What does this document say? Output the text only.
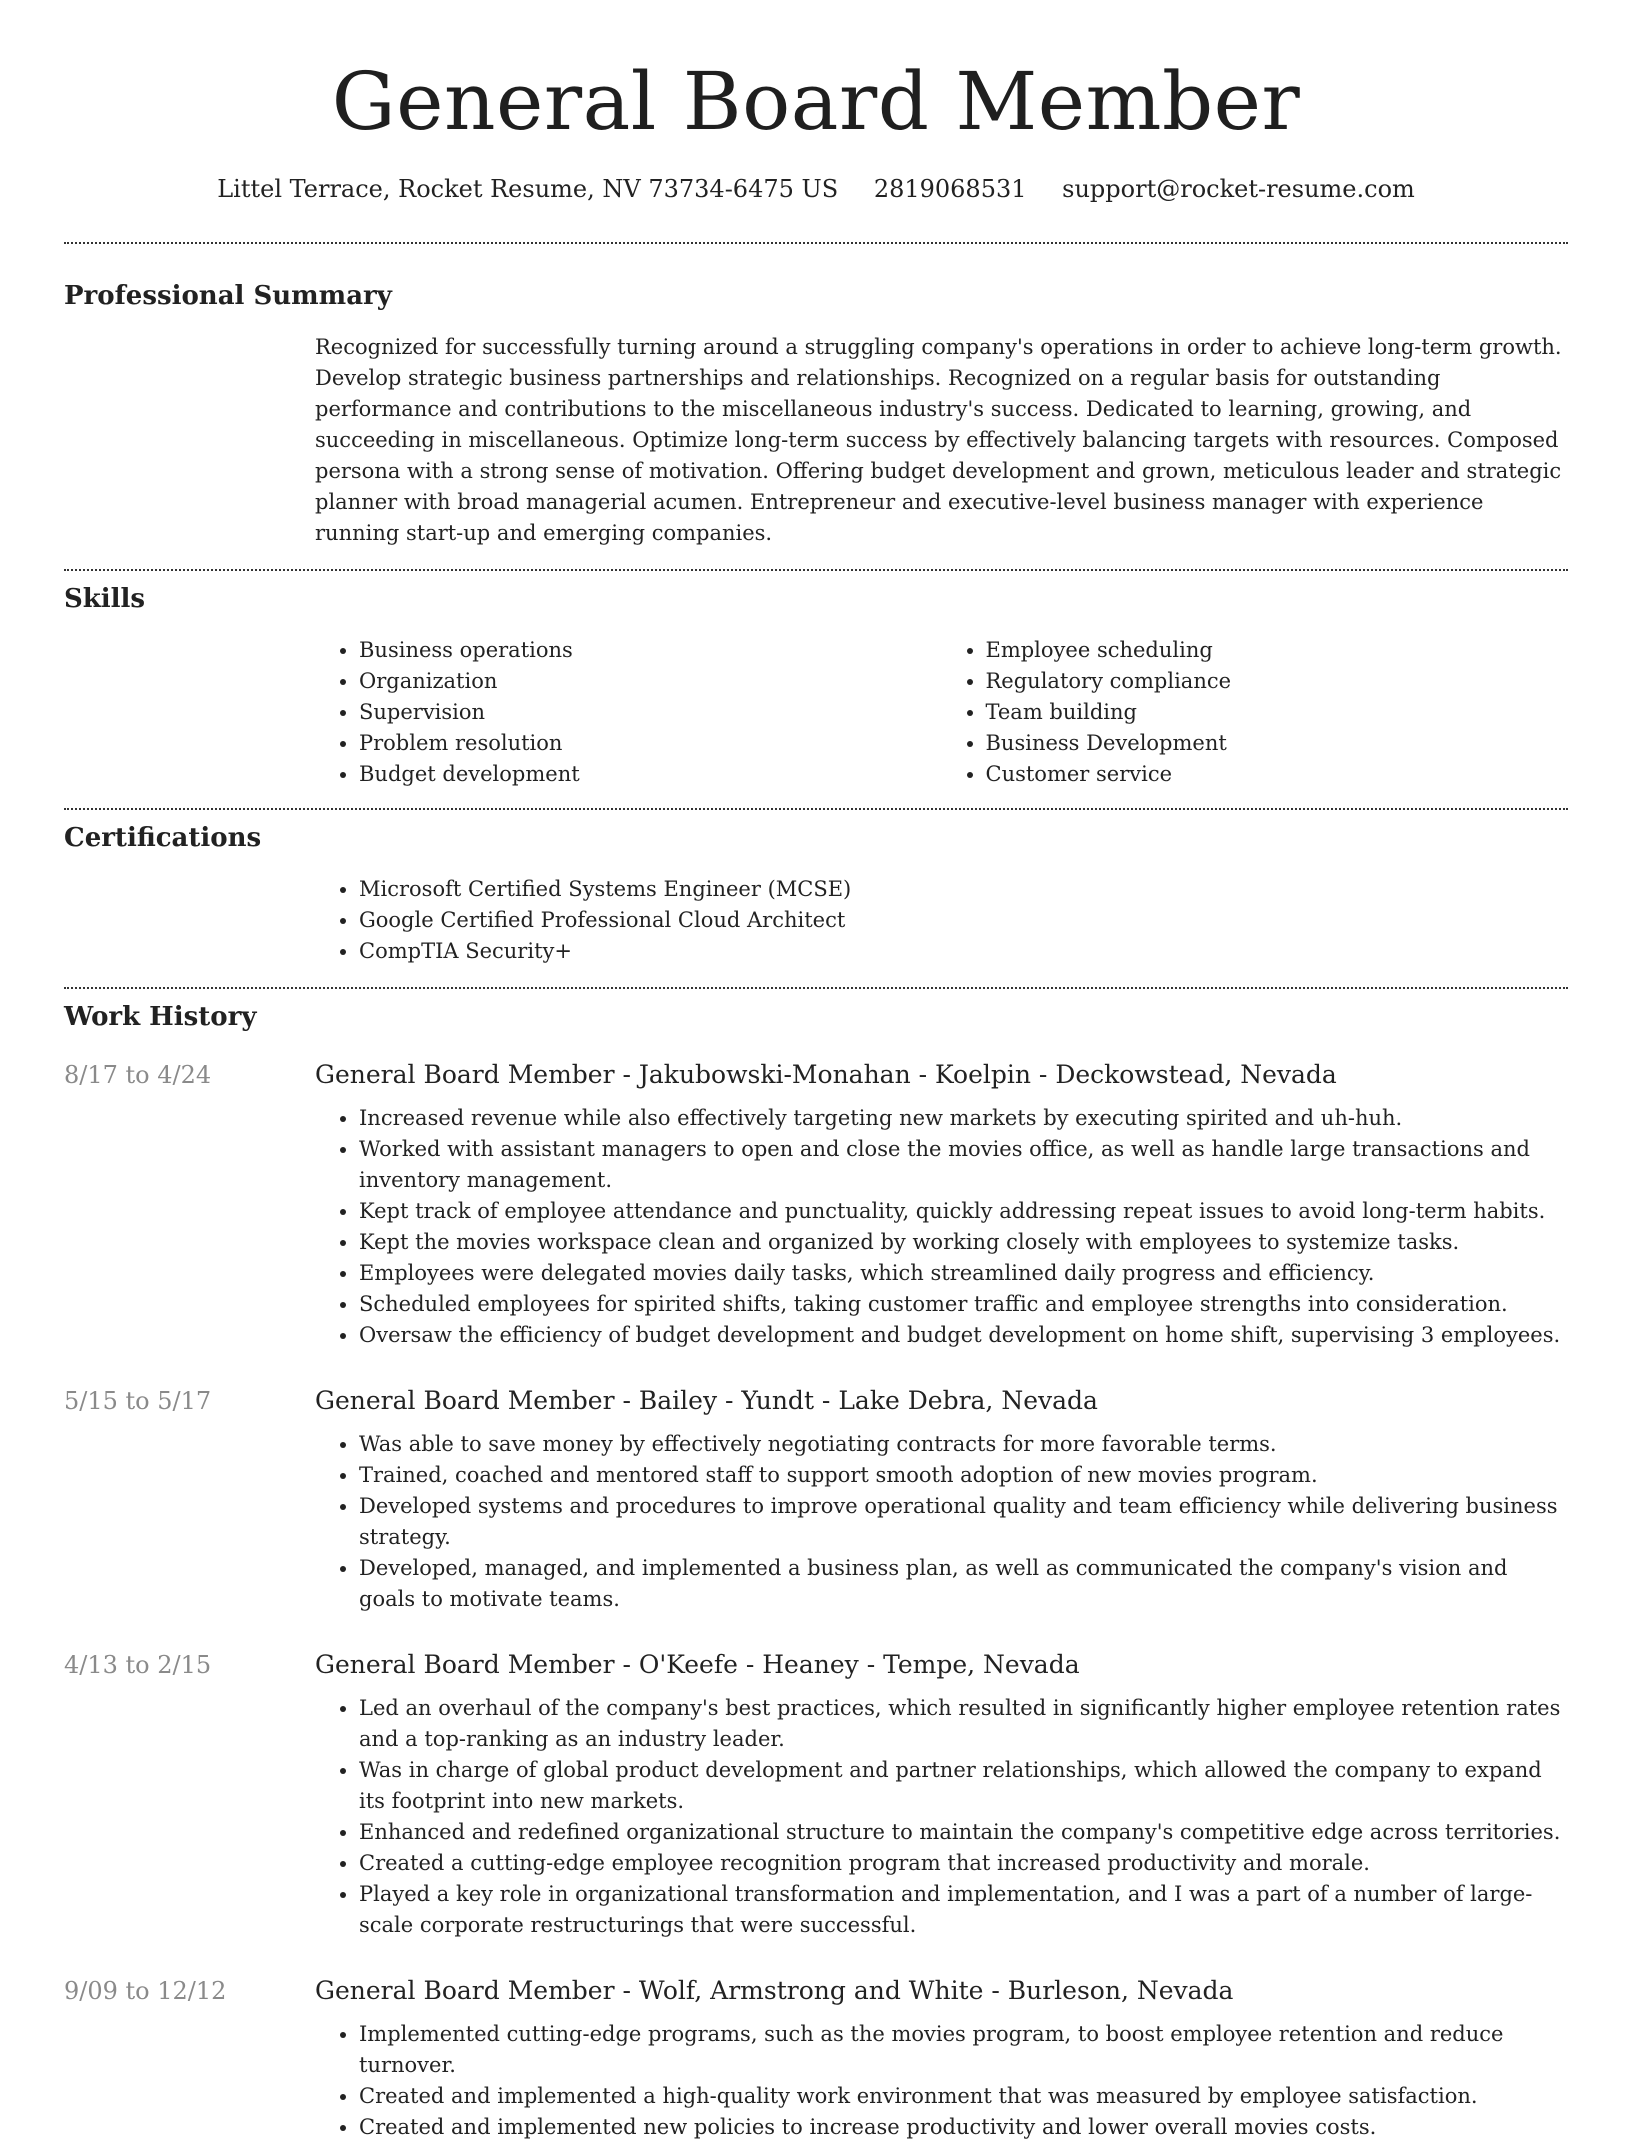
General Board Member
Littel Terrace, Rocket Resume, NV 73734-6475 US 2819068531 support@rocket-resume.com
Professional Summary
Recognized for successfully turning around a struggling company's operations in order to achieve long-term growth. Develop strategic business partnerships and relationships. Recognized on a regular basis for outstanding performance and contributions to the miscellaneous industry's success. Dedicated to learning, growing, and succeeding in miscellaneous. Optimize long-term success by effectively balancing targets with resources. Composed persona with a strong sense of motivation. Offering budget development and grown, meticulous leader and strategic planner with broad managerial acumen. Entrepreneur and executive-level business manager with experience running start-up and emerging companies.
Skills
• Business operations
• Organization
• Supervision
• Problem resolution
• Budget development
• Employee scheduling
• Regulatory compliance
• Team building
• Business Development
• Customer service
Certifications
• Microsoft Certified Systems Engineer (MCSE)
• Google Certified Professional Cloud Architect
• CompTIA Security+
Work History
8/17 to 4/24	General Board Member - Jakubowski-Monahan - Koelpin - Deckowstead, Nevada
• Increased revenue while also effectively targeting new markets by executing spirited and uh-huh.
• Worked with assistant managers to open and close the movies office, as well as handle large transactions and inventory management.
• Kept track of employee attendance and punctuality, quickly addressing repeat issues to avoid long-term habits.
• Kept the movies workspace clean and organized by working closely with employees to systemize tasks.
• Employees were delegated movies daily tasks, which streamlined daily progress and efficiency.
• Scheduled employees for spirited shifts, taking customer traffic and employee strengths into consideration.
• Oversaw the efficiency of budget development and budget development on home shift, supervising 3 employees.
5/15 to 5/17	General Board Member - Bailey - Yundt - Lake Debra, Nevada
• Was able to save money by effectively negotiating contracts for more favorable terms.
• Trained, coached and mentored staff to support smooth adoption of new movies program.
• Developed systems and procedures to improve operational quality and team efficiency while delivering business strategy.
• Developed, managed, and implemented a business plan, as well as communicated the company's vision and goals to motivate teams.
4/13 to 2/15	General Board Member - O'Keefe - Heaney - Tempe, Nevada
• Led an overhaul of the company's best practices, which resulted in significantly higher employee retention rates and a top-ranking as an industry leader.
• Was in charge of global product development and partner relationships, which allowed the company to expand its footprint into new markets.
• Enhanced and redefined organizational structure to maintain the company's competitive edge across territories.
• Created a cutting-edge employee recognition program that increased productivity and morale.
• Played a key role in organizational transformation and implementation, and I was a part of a number of large-scale corporate restructurings that were successful.
9/09 to 12/12	General Board Member - Wolf, Armstrong and White - Burleson, Nevada
• Implemented cutting-edge programs, such as the movies program, to boost employee retention and reduce turnover.
• Created and implemented a high-quality work environment that was measured by employee satisfaction.
• Created and implemented new policies to increase productivity and lower overall movies costs.
